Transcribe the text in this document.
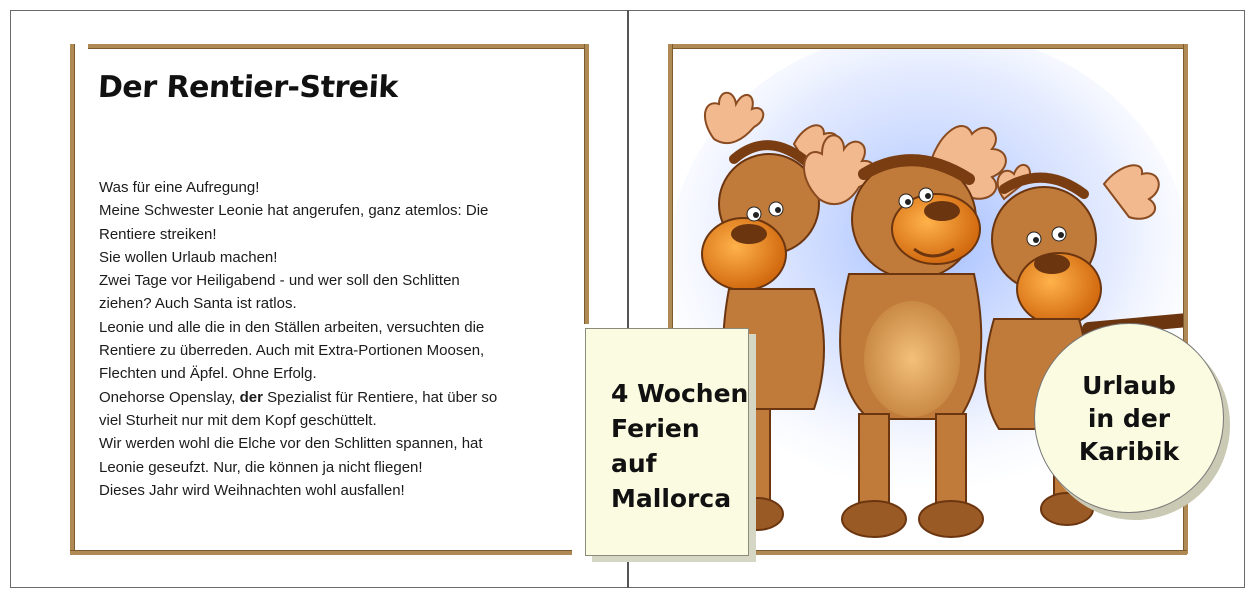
Der Rentier-Streik
Was für eine Aufregung!
Meine Schwester Leonie hat angerufen, ganz atemlos: Die
Rentiere streiken!
Sie wollen Urlaub machen!
Zwei Tage vor Heiligabend - und wer soll den Schlitten
ziehen? Auch Santa ist ratlos.
Leonie und alle die in den Ställen arbeiten, versuchten die
Rentiere zu überreden. Auch mit Extra-Portionen Moosen,
Flechten und Äpfel. Ohne Erfolg.
Onehorse Openslay, der Spezialist für Rentiere, hat über so
viel Sturheit nur mit dem Kopf geschüttelt.
Wir werden wohl die Elche vor den Schlitten spannen, hat
Leonie geseufzt. Nur, die können ja nicht fliegen!
Dieses Jahr wird Weihnachten wohl ausfallen!
4 Wochen
Ferien
auf
Mallorca
Urlaub
in der
Karibik
